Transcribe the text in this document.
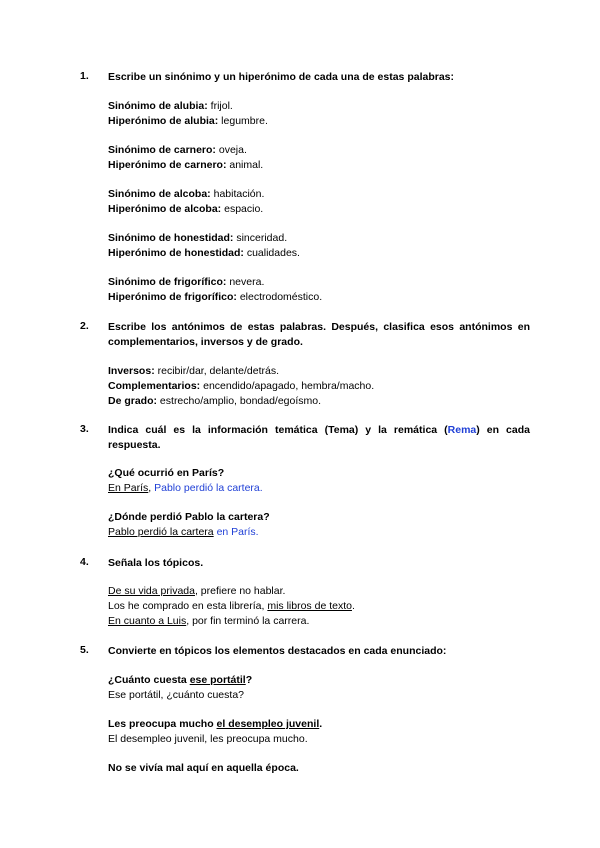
1. Escribe un sinónimo y un hiperónimo de cada una de estas palabras:
Sinónimo de alubia: frijol.
Hiperónimo de alubia: legumbre.
Sinónimo de carnero: oveja.
Hiperónimo de carnero: animal.
Sinónimo de alcoba: habitación.
Hiperónimo de alcoba: espacio.
Sinónimo de honestidad: sinceridad.
Hiperónimo de honestidad: cualidades.
Sinónimo de frigorífico: nevera.
Hiperónimo de frigorífico: electrodoméstico.
2. Escribe los antónimos de estas palabras. Después, clasifica esos antónimos en complementarios, inversos y de grado.
Inversos: recibir/dar, delante/detrás.
Complementarios: encendido/apagado, hembra/macho.
De grado: estrecho/amplio, bondad/egoísmo.
3. Indica cuál es la información temática (Tema) y la remática (Rema) en cada respuesta.
¿Qué ocurrió en París?
En París, Pablo perdió la cartera.
¿Dónde perdió Pablo la cartera?
Pablo perdió la cartera en París.
4. Señala los tópicos.
De su vida privada, prefiere no hablar.
Los he comprado en esta librería, mis libros de texto.
En cuanto a Luis, por fin terminó la carrera.
5. Convierte en tópicos los elementos destacados en cada enunciado:
¿Cuánto cuesta ese portátil?
Ese portátil, ¿cuánto cuesta?
Les preocupa mucho el desempleo juvenil.
El desempleo juvenil, les preocupa mucho.
No se vivía mal aquí en aquella época.
